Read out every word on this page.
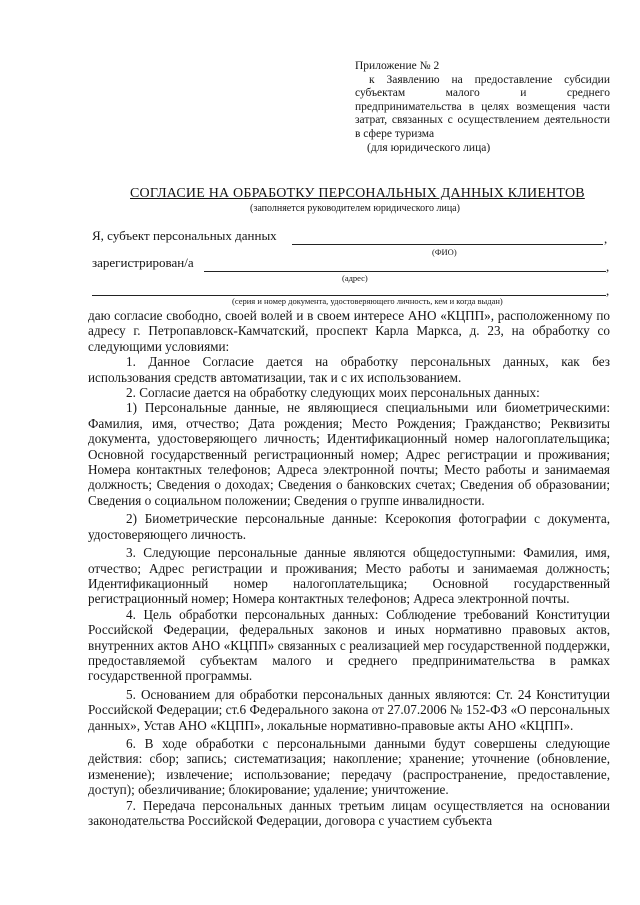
Приложение № 2
к Заявлению на предоставление субсидии
субъектам малого и среднего
предпринимательства в целях возмещения части
затрат, связанных с осуществлением деятельности
в сфере туризма
(для юридического лица)
СОГЛАСИЕ НА ОБРАБОТКУ ПЕРСОНАЛЬНЫХ ДАННЫХ КЛИЕНТОВ
(заполняется руководителем юридического лица)
Я, субъект персональных данных	,
(ФИО)
зарегистрирован/а	,
(адрес)
,
(серия и номер документа, удостоверяющего личность, кем и когда выдан)

даю согласие свободно, своей волей и в своем интересе АНО «КЦПП», расположенному по адресу г. Петропавловск-Камчатский, проспект Карла Маркса, д. 23, на обработку со следующими условиями:

1. Данное Согласие дается на обработку персональных данных, как без использования средств автоматизации, так и с их использованием.

2. Согласие дается на обработку следующих моих персональных данных:

1) Персональные данные, не являющиеся специальными или биометрическими: Фамилия, имя, отчество; Дата рождения; Место Рождения; Гражданство; Реквизиты документа, удостоверяющего личность; Идентификационный номер налогоплательщика; Основной государственный регистрационный номер; Адрес регистрации и проживания; Номера контактных телефонов; Адреса электронной почты; Место работы и занимаемая должность; Сведения о доходах; Сведения о банковских счетах; Сведения об образовании; Сведения о социальном положении; Сведения о группе инвалидности.

2) Биометрические персональные данные: Ксерокопия фотографии с документа, удостоверяющего личность.

3. Следующие персональные данные являются общедоступными: Фамилия, имя, отчество; Адрес регистрации и проживания; Место работы и занимаемая должность; Идентификационный номер налогоплательщика; Основной государственный регистрационный номер; Номера контактных телефонов; Адреса электронной почты.

4. Цель обработки персональных данных: Соблюдение требований Конституции Российской Федерации, федеральных законов и иных нормативно правовых актов, внутренних актов АНО «КЦПП» связанных с реализацией мер государственной поддержки, предоставляемой субъектам малого и среднего предпринимательства в рамках государственной программы.

5. Основанием для обработки персональных данных являются: Ст. 24 Конституции Российской Федерации; ст.6 Федерального закона от 27.07.2006 № 152-ФЗ «О персональных данных», Устав АНО «КЦПП», локальные нормативно-правовые акты АНО «КЦПП».

6. В ходе обработки с персональными данными будут совершены следующие действия: сбор; запись; систематизация; накопление; хранение; уточнение (обновление, изменение); извлечение; использование; передачу (распространение, предоставление, доступ); обезличивание; блокирование; удаление; уничтожение.

7. Передача персональных данных третьим лицам осуществляется на основании законодательства Российской Федерации, договора с участием субъекта
